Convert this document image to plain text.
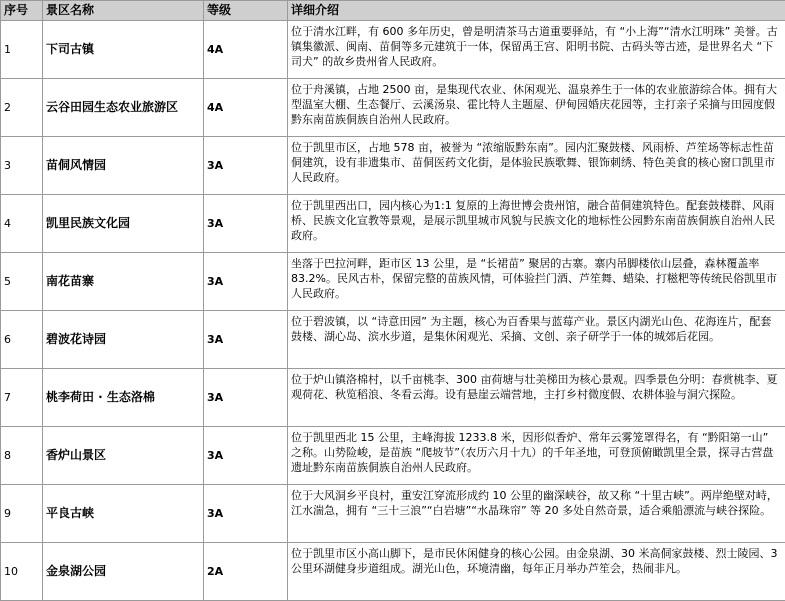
序号	景区名称	等级	详细介绍
1	下司古镇	4A	位于清水江畔，有 600 多年历史，曾是明清茶马古道重要驿站，有 “小上海”“清水江明珠” 美誉。古镇集徽派、闽南、苗侗等多元建筑于一体，保留禹王宫、阳明书院、古码头等古迹，是世界名犬 “下司犬” 的故乡贵州省人民政府。
2	云谷田园生态农业旅游区	4A	位于舟溪镇，占地 2500 亩，是集现代农业、休闲观光、温泉养生于一体的农业旅游综合体。拥有大型温室大棚、生态餐厅、云溪汤泉、霍比特人主题屋、伊甸园婚庆花园等，主打亲子采摘与田园度假黔东南苗族侗族自治州人民政府。
3	苗侗风情园	3A	位于凯里市区，占地 578 亩，被誉为 “浓缩版黔东南”。园内汇聚鼓楼、风雨桥、芦笙场等标志性苗侗建筑，设有非遗集市、苗侗医药文化街，是体验民族歌舞、银饰刺绣、特色美食的核心窗口凯里市人民政府。
4	凯里民族文化园	3A	位于凯里西出口，园内核心为1:1 复原的上海世博会贵州馆，融合苗侗建筑特色。配套鼓楼群、风雨桥、民族文化宣教等景观，是展示凯里城市风貌与民族文化的地标性公园黔东南苗族侗族自治州人民政府。
5	南花苗寨	3A	坐落于巴拉河畔，距市区 13 公里，是 “长裙苗” 聚居的古寨。寨内吊脚楼依山层叠，森林覆盖率 83.2%。民风古朴，保留完整的苗族风情，可体验拦门酒、芦笙舞、蜡染、打糍粑等传统民俗凯里市人民政府。
6	碧波花诗园	3A	位于碧波镇，以 “诗意田园” 为主题，核心为百香果与蓝莓产业。景区内湖光山色、花海连片，配套鼓楼、湖心岛、滨水步道，是集休闲观光、采摘、文创、亲子研学于一体的城郊后花园。
7	桃李荷田 · 生态洛棉	3A	位于炉山镇洛棉村，以千亩桃李、300 亩荷塘与壮美梯田为核心景观。四季景色分明：春赏桃李、夏观荷花、秋览稻浪、冬看云海。设有悬崖云端营地，主打乡村微度假、农耕体验与洞穴探险。
8	香炉山景区	3A	位于凯里西北 15 公里，主峰海拔 1233.8 米，因形似香炉、常年云雾笼罩得名，有 “黔阳第一山” 之称。山势险峻，是苗族 “爬坡节”（农历六月十九）的千年圣地，可登顶俯瞰凯里全景，探寻古营盘遗址黔东南苗族侗族自治州人民政府。
9	平良古峡	3A	位于大风洞乡平良村，重安江穿流形成约 10 公里的幽深峡谷，故又称 “十里古峡”。两岸绝壁对峙，江水湍急，拥有 “三十三浪”“白岩塘”“水晶珠帘” 等 20 多处自然奇景，适合乘船漂流与峡谷探险。
10	金泉湖公园	2A	位于凯里市区小高山脚下，是市民休闲健身的核心公园。由金泉湖、30 米高侗家鼓楼、烈士陵园、3 公里环湖健身步道组成。湖光山色，环境清幽，每年正月举办芦笙会，热闹非凡。
